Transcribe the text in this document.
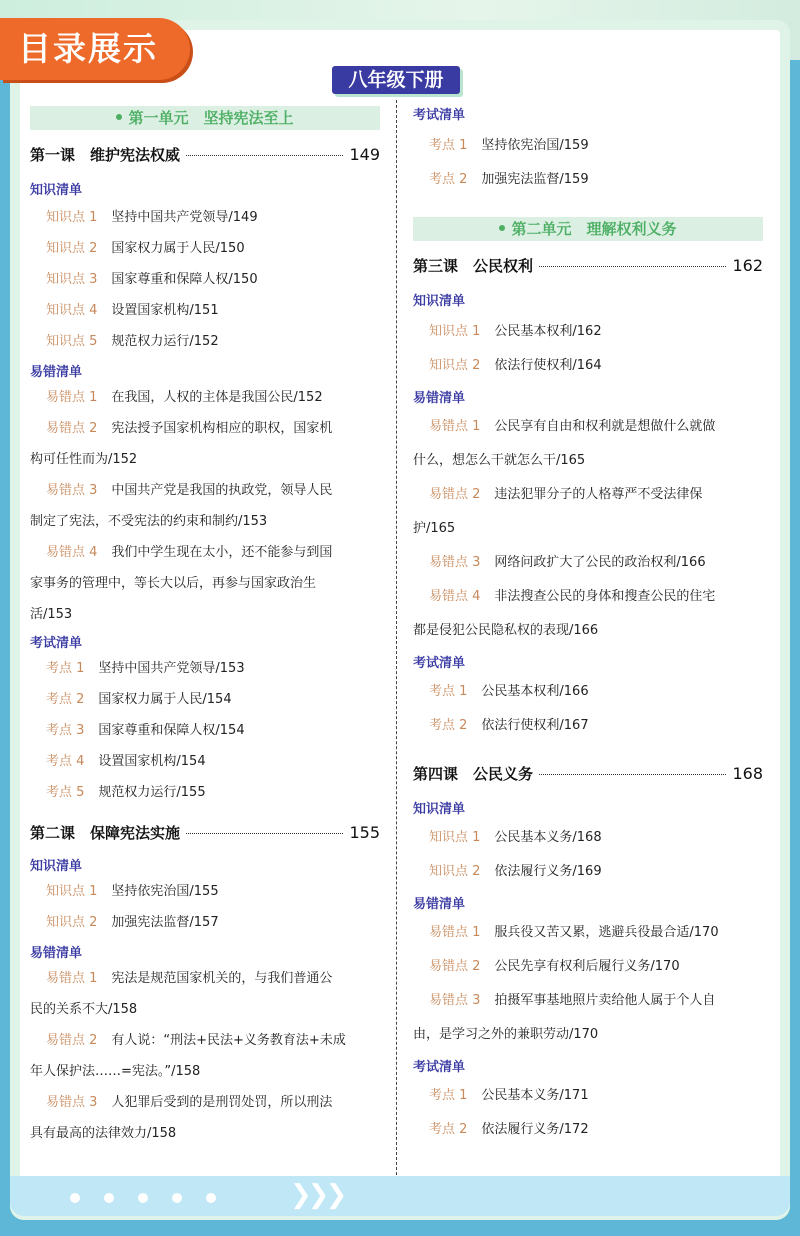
目录展示
八年级下册
第一单元　坚持宪法至上
第一课　维护宪法权威	149
知识清单
知识点 1 坚持中国共产党领导/149
知识点 2 国家权力属于人民/150
知识点 3 国家尊重和保障人权/150
知识点 4 设置国家机构/151
知识点 5 规范权力运行/152
易错清单
易错点 1 在我国，人权的主体是我国公民/152
易错点 2 宪法授予国家机构相应的职权，国家机
构可任性而为/152
易错点 3 中国共产党是我国的执政党，领导人民
制定了宪法，不受宪法的约束和制约/153
易错点 4 我们中学生现在太小，还不能参与到国
家事务的管理中，等长大以后，再参与国家政治生
活/153
考试清单
考点 1 坚持中国共产党领导/153
考点 2 国家权力属于人民/154
考点 3 国家尊重和保障人权/154
考点 4 设置国家机构/154
考点 5 规范权力运行/155
第二课　保障宪法实施	155
知识清单
知识点 1 坚持依宪治国/155
知识点 2 加强宪法监督/157
易错清单
易错点 1 宪法是规范国家机关的，与我们普通公
民的关系不大/158
易错点 2 有人说：“刑法+民法+义务教育法+未成
年人保护法……=宪法。”/158
易错点 3 人犯罪后受到的是刑罚处罚，所以刑法
具有最高的法律效力/158
考试清单
考点 1 坚持依宪治国/159
考点 2 加强宪法监督/159
第二单元　理解权利义务
第三课　公民权利	162
知识清单
知识点 1 公民基本权利/162
知识点 2 依法行使权利/164
易错清单
易错点 1 公民享有自由和权利就是想做什么就做
什么，想怎么干就怎么干/165
易错点 2 违法犯罪分子的人格尊严不受法律保
护/165
易错点 3 网络问政扩大了公民的政治权利/166
易错点 4 非法搜查公民的身体和搜查公民的住宅
都是侵犯公民隐私权的表现/166
考试清单
考点 1 公民基本权利/166
考点 2 依法行使权利/167
第四课　公民义务	168
知识清单
知识点 1 公民基本义务/168
知识点 2 依法履行义务/169
易错清单
易错点 1 服兵役又苦又累，逃避兵役最合适/170
易错点 2 公民先享有权利后履行义务/170
易错点 3 拍摄军事基地照片卖给他人属于个人自
由，是学习之外的兼职劳动/170
考试清单
考点 1 公民基本义务/171
考点 2 依法履行义务/172
❯❯❯
